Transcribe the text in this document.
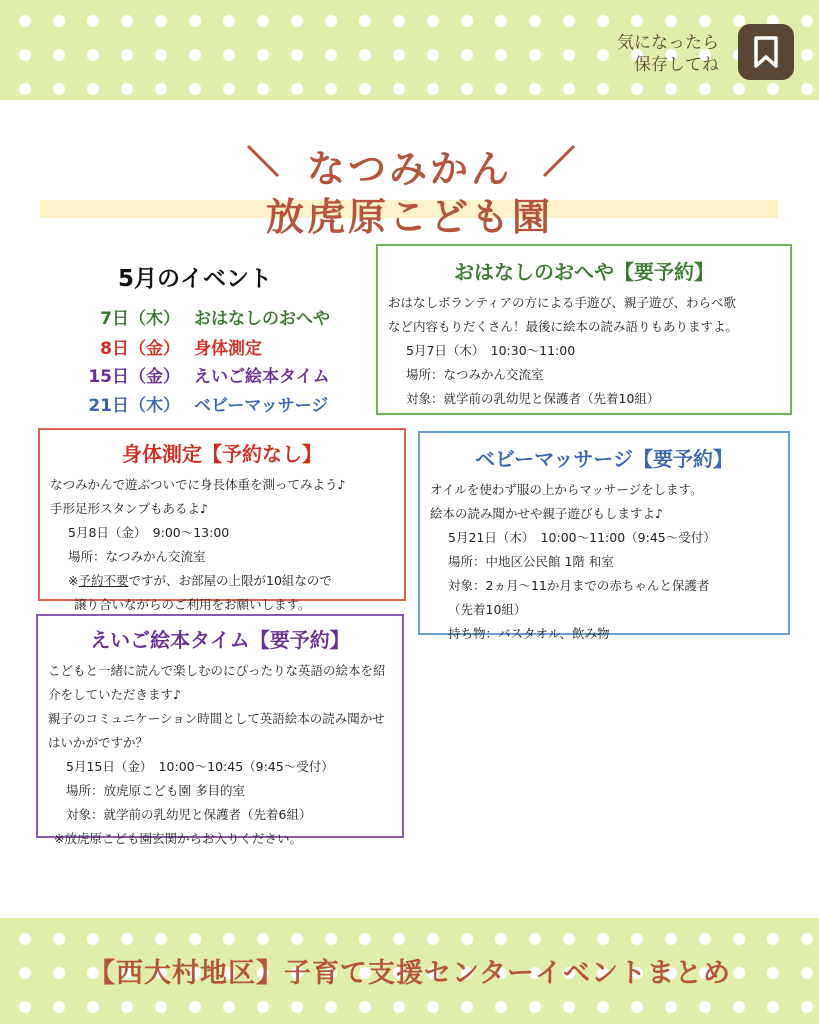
気になったら
保存してね
なつみかん
放虎原こども園
5月のイベント
7日（木） おはなしのおへや
8日（金） 身体測定
15日（金） えいご絵本タイム
21日（木） ベビーマッサージ
おはなしのおへや【要予約】

おはなしボランティアの方による手遊び、親子遊び、わらべ歌

など内容もりだくさん！最後に絵本の読み語りもありますよ。

5月7日（木）　10:30～11:00

場所：なつみかん交流室

対象：就学前の乳幼児と保護者（先着10組）

身体測定【予約なし】

なつみかんで遊ぶついでに身長体重を測ってみよう♪

手形足形スタンプもあるよ♪

5月8日（金）　9:00～13:00

場所：なつみかん交流室

※予約不要ですが、お部屋の上限が10組なので

譲り合いながらのご利用をお願いします。

ベビーマッサージ【要予約】

オイルを使わず服の上からマッサージをします。

絵本の読み聞かせや親子遊びもしますよ♪

5月21日（木）　10:00～11:00（9:45～受付）

場所：中地区公民館 1階 和室

対象：2ヵ月～11か月までの赤ちゃんと保護者

（先着10組）

持ち物：バスタオル、飲み物

えいご絵本タイム【要予約】

こどもと一緒に読んで楽しむのにぴったりな英語の絵本を紹

介をしていただきます♪

親子のコミュニケーション時間として英語絵本の読み聞かせ

はいかがですか？

5月15日（金）　10:00～10:45（9:45～受付）

場所：放虎原こども園 多目的室

対象：就学前の乳幼児と保護者（先着6組）

※放虎原こども園玄関からお入りください。

【西大村地区】子育て支援センターイベントまとめ
